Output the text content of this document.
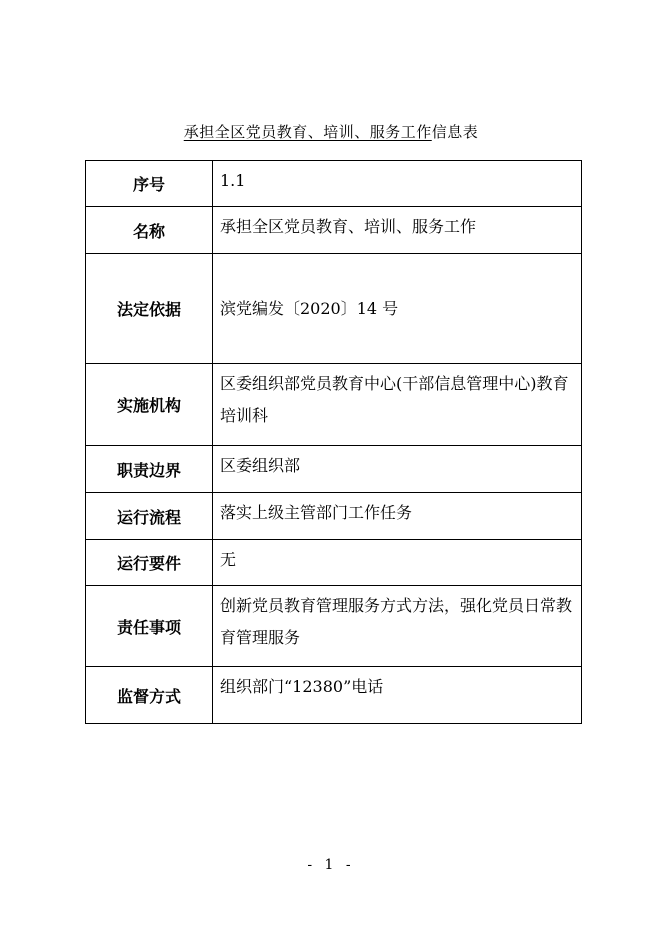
承担全区党员教育、培训、服务工作信息表
序号	1.1
名称	承担全区党员教育、培训、服务工作
法定依据	滨党编发〔2020〕14 号
实施机构	区委组织部党员教育中心(干部信息管理中心)教育培训科
职责边界	区委组织部
运行流程	落实上级主管部门工作任务
运行要件	无
责任事项	创新党员教育管理服务方式方法，强化党员日常教育管理服务
监督方式	组织部门“12380”电话
- 1 -
